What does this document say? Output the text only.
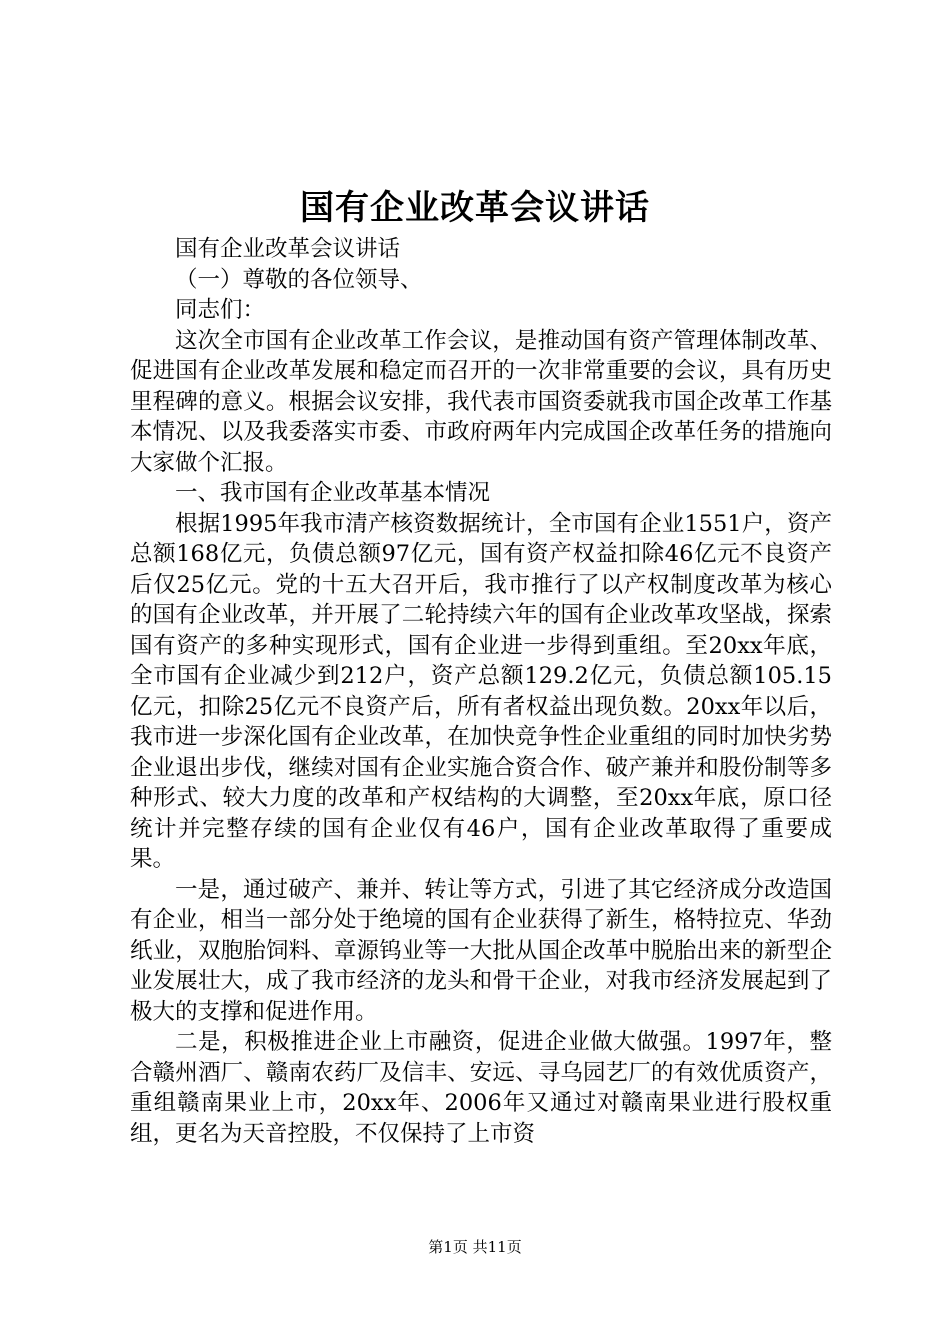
国有企业改革会议讲话

国有企业改革会议讲话

（一）尊敬的各位领导、

同志们：

这次全市国有企业改革工作会议，是推动国有资产管理体制改革、促进国有企业改革发展和稳定而召开的一次非常重要的会议，具有历史里程碑的意义。根据会议安排，我代表市国资委就我市国企改革工作基本情况、以及我委落实市委、市政府两年内完成国企改革任务的措施向大家做个汇报。

一、我市国有企业改革基本情况

根据1995年我市清产核资数据统计，全市国有企业1551户，资产总额168亿元，负债总额97亿元，国有资产权益扣除46亿元不良资产后仅25亿元。党的十五大召开后，我市推行了以产权制度改革为核心的国有企业改革，并开展了二轮持续六年的国有企业改革攻坚战，探索国有资产的多种实现形式，国有企业进一步得到重组。至20xx年底，全市国有企业减少到212户，资产总额129.2亿元，负债总额105.15亿元，扣除25亿元不良资产后，所有者权益出现负数。20xx年以后，我市进一步深化国有企业改革，在加快竞争性企业重组的同时加快劣势企业退出步伐，继续对国有企业实施合资合作、破产兼并和股份制等多种形式、较大力度的改革和产权结构的大调整，至20xx年底，原口径统计并完整存续的国有企业仅有46户，国有企业改革取得了重要成果。

一是，通过破产、兼并、转让等方式，引进了其它经济成分改造国有企业，相当一部分处于绝境的国有企业获得了新生，格特拉克、华劲纸业，双胞胎饲料、章源钨业等一大批从国企改革中脱胎出来的新型企业发展壮大，成了我市经济的龙头和骨干企业，对我市经济发展起到了极大的支撑和促进作用。

二是，积极推进企业上市融资，促进企业做大做强。1997年，整合赣州酒厂、赣南农药厂及信丰、安远、寻乌园艺厂的有效优质资产，重组赣南果业上市，20xx年、2006年又通过对赣南果业进行股权重组，更名为天音控股，不仅保持了上市资

第1页 共11页
